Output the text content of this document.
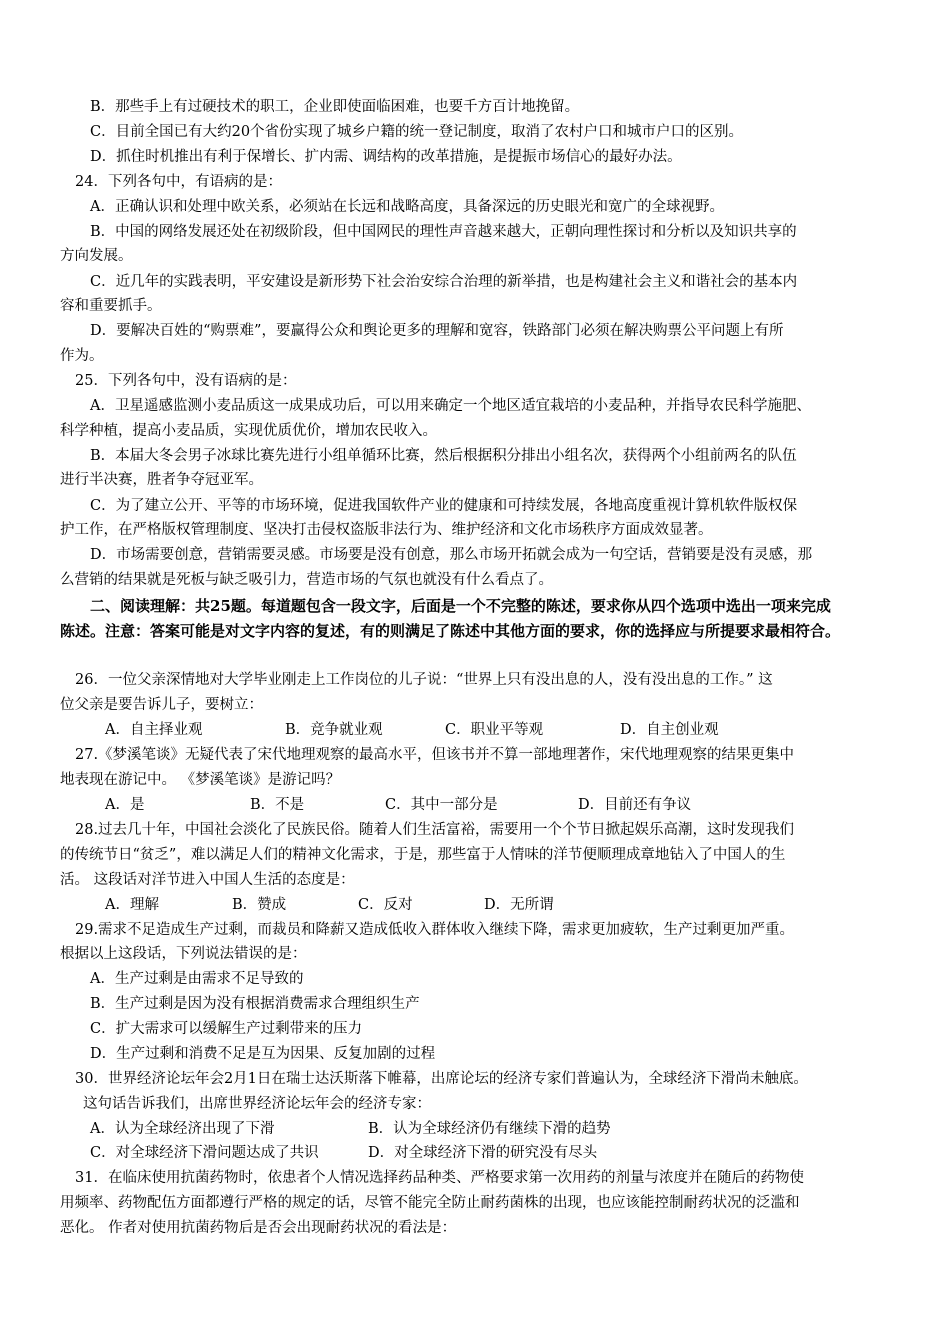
B．那些手上有过硬技术的职工，企业即使面临困难，也要千方百计地挽留。
C．目前全国已有大约20个省份实现了城乡户籍的统一登记制度，取消了农村户口和城市户口的区别。
D．抓住时机推出有利于保增长、扩内需、调结构的改革措施，是提振市场信心的最好办法。
24．下列各句中，有语病的是：
A．正确认识和处理中欧关系，必须站在长远和战略高度，具备深远的历史眼光和宽广的全球视野。
B．中国的网络发展还处在初级阶段，但中国网民的理性声音越来越大，正朝向理性探讨和分析以及知识共享的
方向发展。
C．近几年的实践表明，平安建设是新形势下社会治安综合治理的新举措，也是构建社会主义和谐社会的基本内
容和重要抓手。
D．要解决百姓的“购票难”，要赢得公众和舆论更多的理解和宽容，铁路部门必须在解决购票公平问题上有所
作为。
25．下列各句中，没有语病的是：
A．卫星遥感监测小麦品质这一成果成功后，可以用来确定一个地区适宜栽培的小麦品种，并指导农民科学施肥、
科学种植，提高小麦品质，实现优质优价，增加农民收入。
B．本届大冬会男子冰球比赛先进行小组单循环比赛，然后根据积分排出小组名次，获得两个小组前两名的队伍
进行半决赛，胜者争夺冠亚军。
C．为了建立公开、平等的市场环境，促进我国软件产业的健康和可持续发展，各地高度重视计算机软件版权保
护工作，在严格版权管理制度、坚决打击侵权盗版非法行为、维护经济和文化市场秩序方面成效显著。
D．市场需要创意，营销需要灵感。市场要是没有创意，那么市场开拓就会成为一句空话，营销要是没有灵感，那
么营销的结果就是死板与缺乏吸引力，营造市场的气氛也就没有什么看点了。
二、阅读理解：共25题。每道题包含一段文字，后面是一个不完整的陈述，要求你从四个选项中选出一项来完成
陈述。注意：答案可能是对文字内容的复述，有的则满足了陈述中其他方面的要求，你的选择应与所提要求最相符合。
26．一位父亲深情地对大学毕业刚走上工作岗位的儿子说：“世界上只有没出息的人，没有没出息的工作。” 这
位父亲是要告诉儿子，要树立：
A．自主择业观	B．竞争就业观	C．职业平等观	D．自主创业观
27.《梦溪笔谈》无疑代表了宋代地理观察的最高水平，但该书并不算一部地理著作，宋代地理观察的结果更集中
地表现在游记中。 《梦溪笔谈》是游记吗？
A．是	B．不是	C．其中一部分是	D．目前还有争议
28.过去几十年，中国社会淡化了民族民俗。随着人们生活富裕，需要用一个个节日掀起娱乐高潮，这时发现我们
的传统节日“贫乏”，难以满足人们的精神文化需求，于是，那些富于人情味的洋节便顺理成章地钻入了中国人的生
活。 这段话对洋节进入中国人生活的态度是：
A．理解	B．赞成	C．反对	D．无所谓
29.需求不足造成生产过剩，而裁员和降薪又造成低收入群体收入继续下降，需求更加疲软，生产过剩更加严重。
根据以上这段话，下列说法错误的是：
A．生产过剩是由需求不足导致的
B．生产过剩是因为没有根据消费需求合理组织生产
C．扩大需求可以缓解生产过剩带来的压力
D．生产过剩和消费不足是互为因果、反复加剧的过程
30．世界经济论坛年会2月1日在瑞士达沃斯落下帷幕，出席论坛的经济专家们普遍认为，全球经济下滑尚未触底。
这句话告诉我们，出席世界经济论坛年会的经济专家：
A．认为全球经济出现了下滑	B．认为全球经济仍有继续下滑的趋势
C．对全球经济下滑问题达成了共识	D．对全球经济下滑的研究没有尽头
31．在临床使用抗菌药物时，依患者个人情况选择药品种类、严格要求第一次用药的剂量与浓度并在随后的药物使
用频率、药物配伍方面都遵行严格的规定的话，尽管不能完全防止耐药菌株的出现，也应该能控制耐药状况的泛滥和
恶化。 作者对使用抗菌药物后是否会出现耐药状况的看法是：
